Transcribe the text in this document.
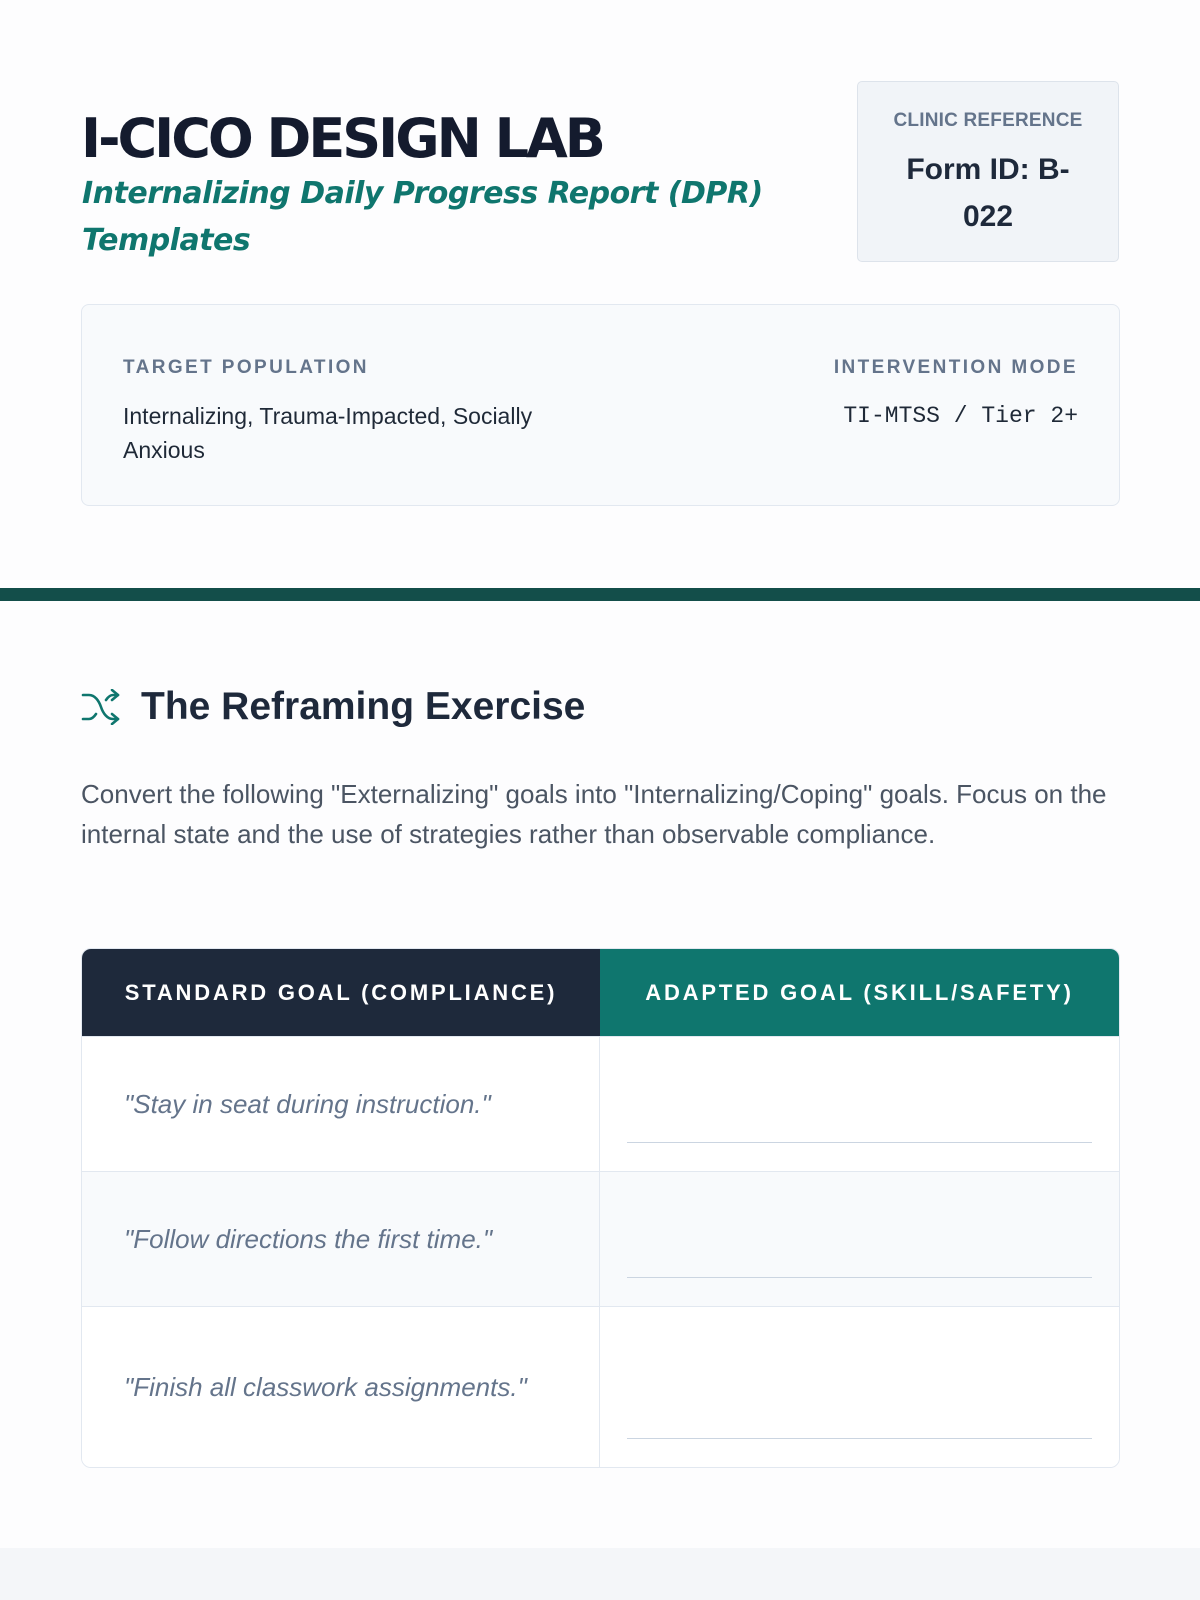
I-CICO DESIGN LAB

Internalizing Daily Progress Report (DPR) Templates

CLINIC REFERENCE
Form ID: B-022
TARGET POPULATION
Internalizing, Trauma-Impacted, Socially Anxious
INTERVENTION MODE
TI-MTSS / Tier 2+
The Reframing Exercise

Convert the following "Externalizing" goals into "Internalizing/Coping" goals. Focus on the internal state and the use of strategies rather than observable compliance.

STANDARD GOAL (COMPLIANCE)	ADAPTED GOAL (SKILL/SAFETY)
"Stay in seat during instruction."	

"Follow directions the first time."	

"Finish all classwork assignments."	
